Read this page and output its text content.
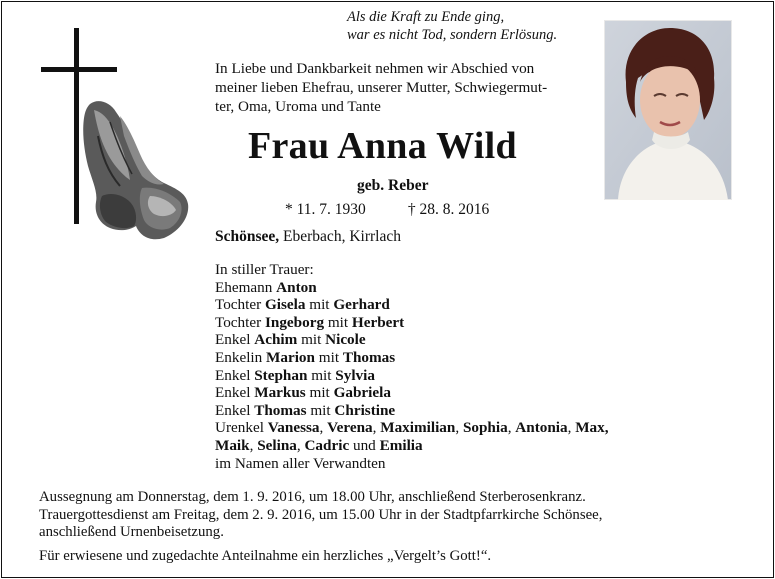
Als die Kraft zu Ende ging,
war es nicht Tod, sondern Erlösung.
In Liebe und Dankbarkeit nehmen wir Abschied von
meiner lieben Ehefrau, unserer Mutter, Schwiegermut-
ter, Oma, Uroma und Tante
Frau Anna Wild
geb. Reber
* 11. 7. 1930	† 28. 8. 2016
Schönsee, Eberbach, Kirrlach
In stiller Trauer:
Ehemann Anton
Tochter Gisela mit Gerhard
Tochter Ingeborg mit Herbert
Enkel Achim mit Nicole
Enkelin Marion mit Thomas
Enkel Stephan mit Sylvia
Enkel Markus mit Gabriela
Enkel Thomas mit Christine
Urenkel Vanessa, Verena, Maximilian, Sophia, Antonia, Max,
Maik, Selina, Cadric und Emilia
im Namen aller Verwandten
Aussegnung am Donnerstag, dem 1. 9. 2016, um 18.00 Uhr, anschließend Sterberosenkranz.
Trauergottesdienst am Freitag, dem 2. 9. 2016, um 15.00 Uhr in der Stadtpfarrkirche Schönsee,
anschließend Urnenbeisetzung.
Für erwiesene und zugedachte Anteilnahme ein herzliches „Vergelt’s Gott!“.
